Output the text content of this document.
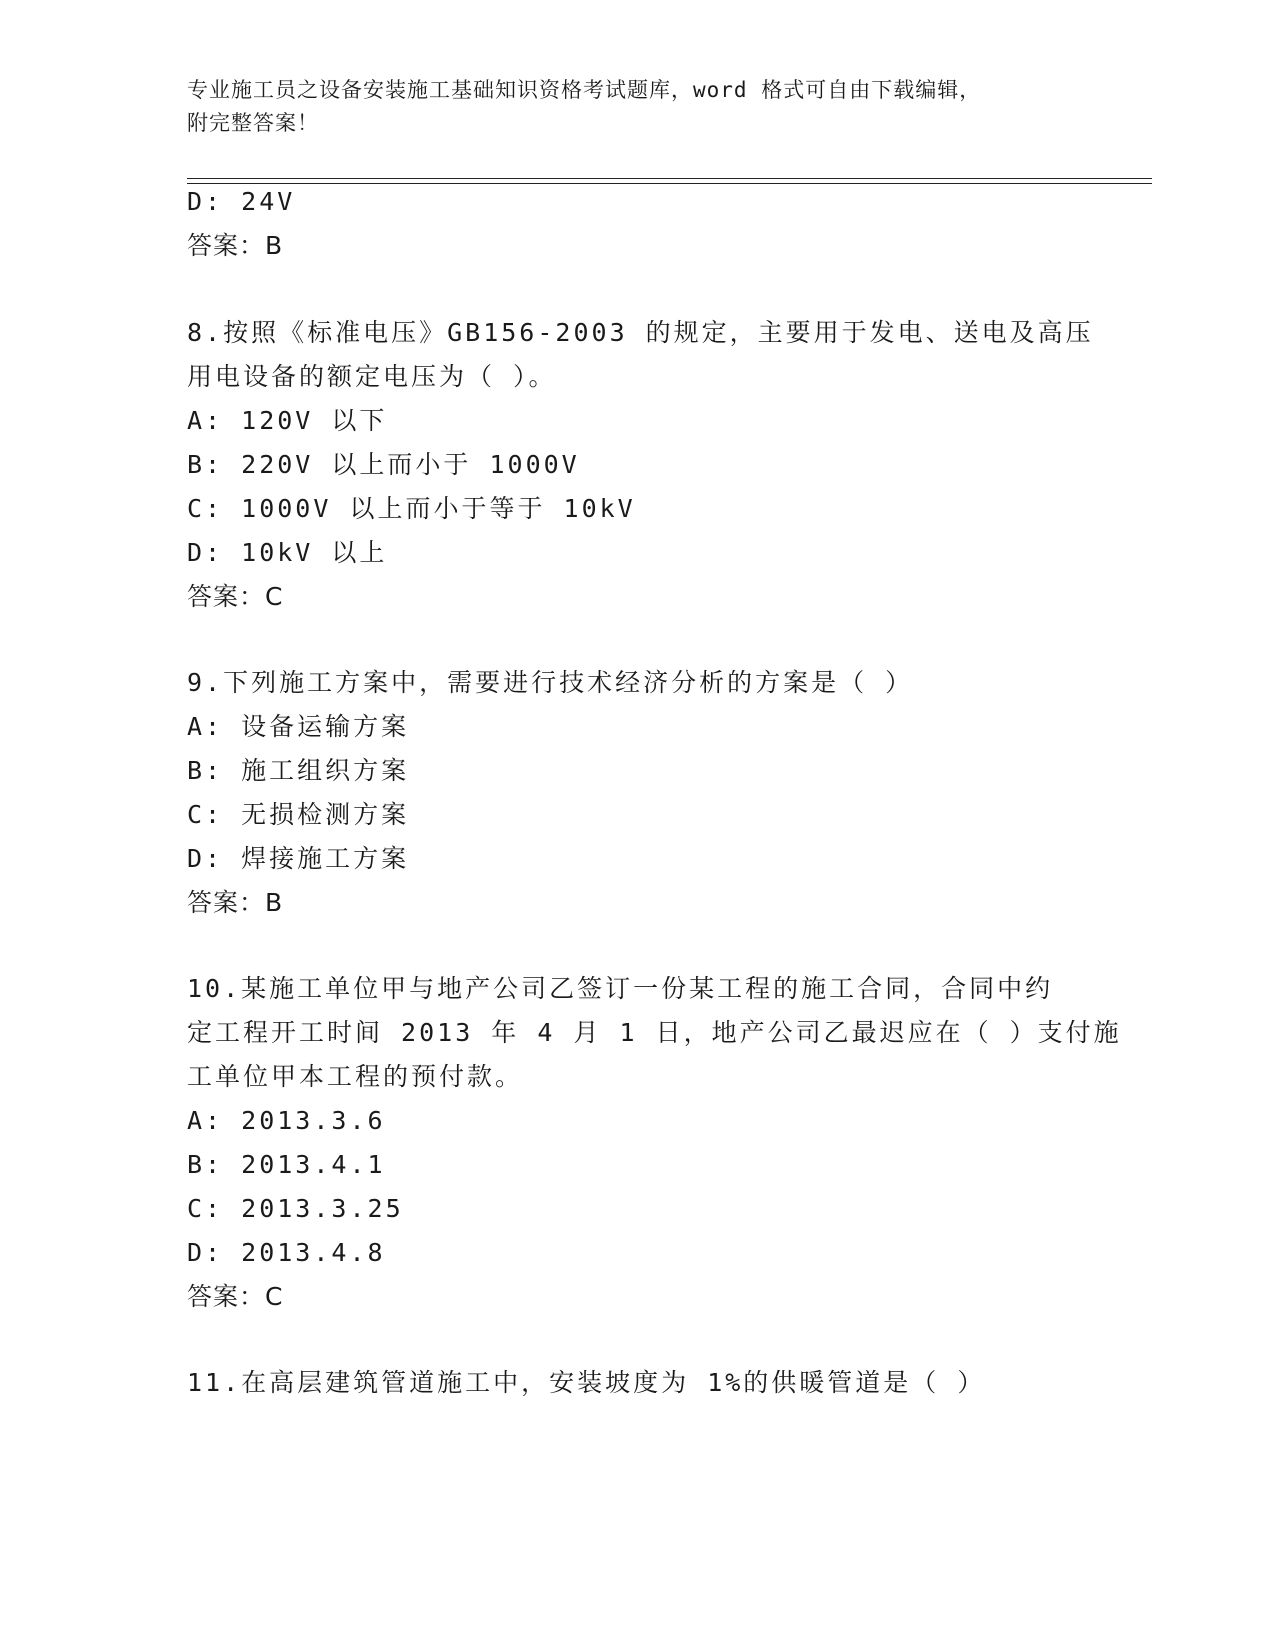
专业施工员之设备安装施工基础知识资格考试题库，word 格式可自由下载编辑，
附完整答案！
D: 24V
答案：B
8.按照《标准电压》GB156-2003 的规定，主要用于发电、送电及高压
用电设备的额定电压为（ ）。
A: 120V 以下
B: 220V 以上而小于 1000V
C: 1000V 以上而小于等于 10kV
D: 10kV 以上
答案：C
9.下列施工方案中，需要进行技术经济分析的方案是（ ）
A: 设备运输方案
B: 施工组织方案
C: 无损检测方案
D: 焊接施工方案
答案：B
10.某施工单位甲与地产公司乙签订一份某工程的施工合同，合同中约
定工程开工时间 2013 年 4 月 1 日，地产公司乙最迟应在（ ）支付施
工单位甲本工程的预付款。
A: 2013.3.6
B: 2013.4.1
C: 2013.3.25
D: 2013.4.8
答案：C
11.在高层建筑管道施工中，安装坡度为 1%的供暖管道是（ ）
